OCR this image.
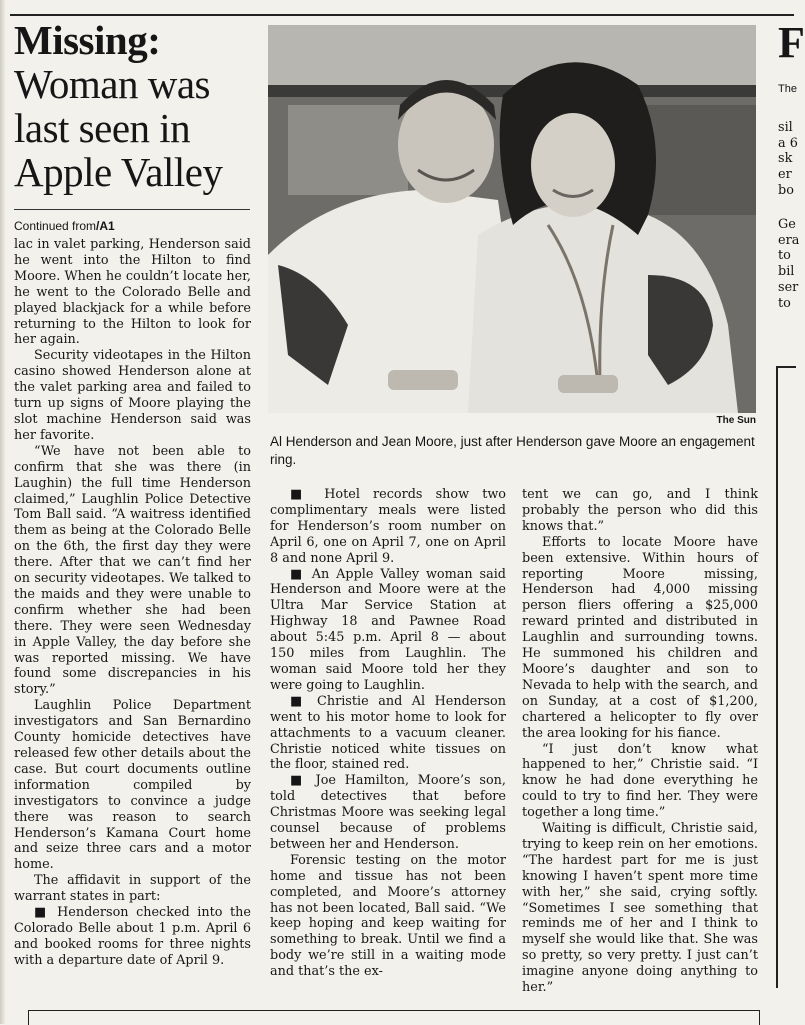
Missing:
Woman was
last seen in
Apple Valley
Continued from/A1

lac in valet parking, Henderson said he went into the Hilton to find Moore. When he couldn’t locate her, he went to the Colorado Belle and played blackjack for a while before returning to the Hilton to look for her again.

Security videotapes in the Hilton casino showed Henderson alone at the valet parking area and failed to turn up signs of Moore playing the slot machine Henderson said was her favorite.

“We have not been able to confirm that she was there (in Laughin) the full time Henderson claimed,” Laughlin Police Detective Tom Ball said. “A waitress identified them as being at the Colorado Belle on the 6th, the first day they were there. After that we can’t find her on security videotapes. We talked to the maids and they were unable to confirm whether she had been there. They were seen Wednesday in Apple Valley, the day before she was reported missing. We have found some discrepancies in his story.”

Laughlin Police Department investigators and San Bernardino County homicide detectives have released few other details about the case. But court documents outline information compiled by investigators to convince a judge there was reason to search Henderson’s Kamana Court home and seize three cars and a motor home.

The affidavit in support of the warrant states in part:

■ Henderson checked into the Colorado Belle about 1 p.m. April 6 and booked rooms for three nights with a departure date of April 9.

The Sun
Al Henderson and Jean Moore, just after Henderson gave Moore an engagement ring.

■ Hotel records show two complimentary meals were listed for Henderson’s room number on April 6, one on April 7, one on April 8 and none April 9.

■ An Apple Valley woman said Henderson and Moore were at the Ultra Mar Service Station at Highway 18 and Pawnee Road about 5:45 p.m. April 8 — about 150 miles from Laughlin. The woman said Moore told her they were going to Laughlin.

■ Christie and Al Henderson went to his motor home to look for attachments to a vacuum cleaner. Christie noticed white tissues on the floor, stained red.

■ Joe Hamilton, Moore’s son, told detectives that before Christmas Moore was seeking legal counsel because of problems between her and Henderson.

Forensic testing on the motor home and tissue has not been completed, and Moore’s attorney has not been located, Ball said. “We keep hoping and keep waiting for something to break. Until we find a body we’re still in a waiting mode and that’s the ex-

tent we can go, and I think probably the person who did this knows that.”

Efforts to locate Moore have been extensive. Within hours of reporting Moore missing, Henderson had 4,000 missing person fliers offering a $25,000 reward printed and distributed in Laughlin and surrounding towns. He summoned his children and Moore’s daughter and son to Nevada to help with the search, and on Sunday, at a cost of $1,200, chartered a helicopter to fly over the area looking for his fiance.

“I just don’t know what happened to her,” Christie said. “I know he had done everything he could to try to find her. They were together a long time.”

Waiting is difficult, Christie said, trying to keep rein on her emotions. “The hardest part for me is just knowing I haven’t spent more time with her,” she said, crying softly. “Sometimes I see something that reminds me of her and I think to myself she would like that. She was so pretty, so very pretty. I just can’t imagine anyone doing anything to her.”

F
The
sil
a 6
sk
er
bo
Ge
era
to
bil
ser
to
